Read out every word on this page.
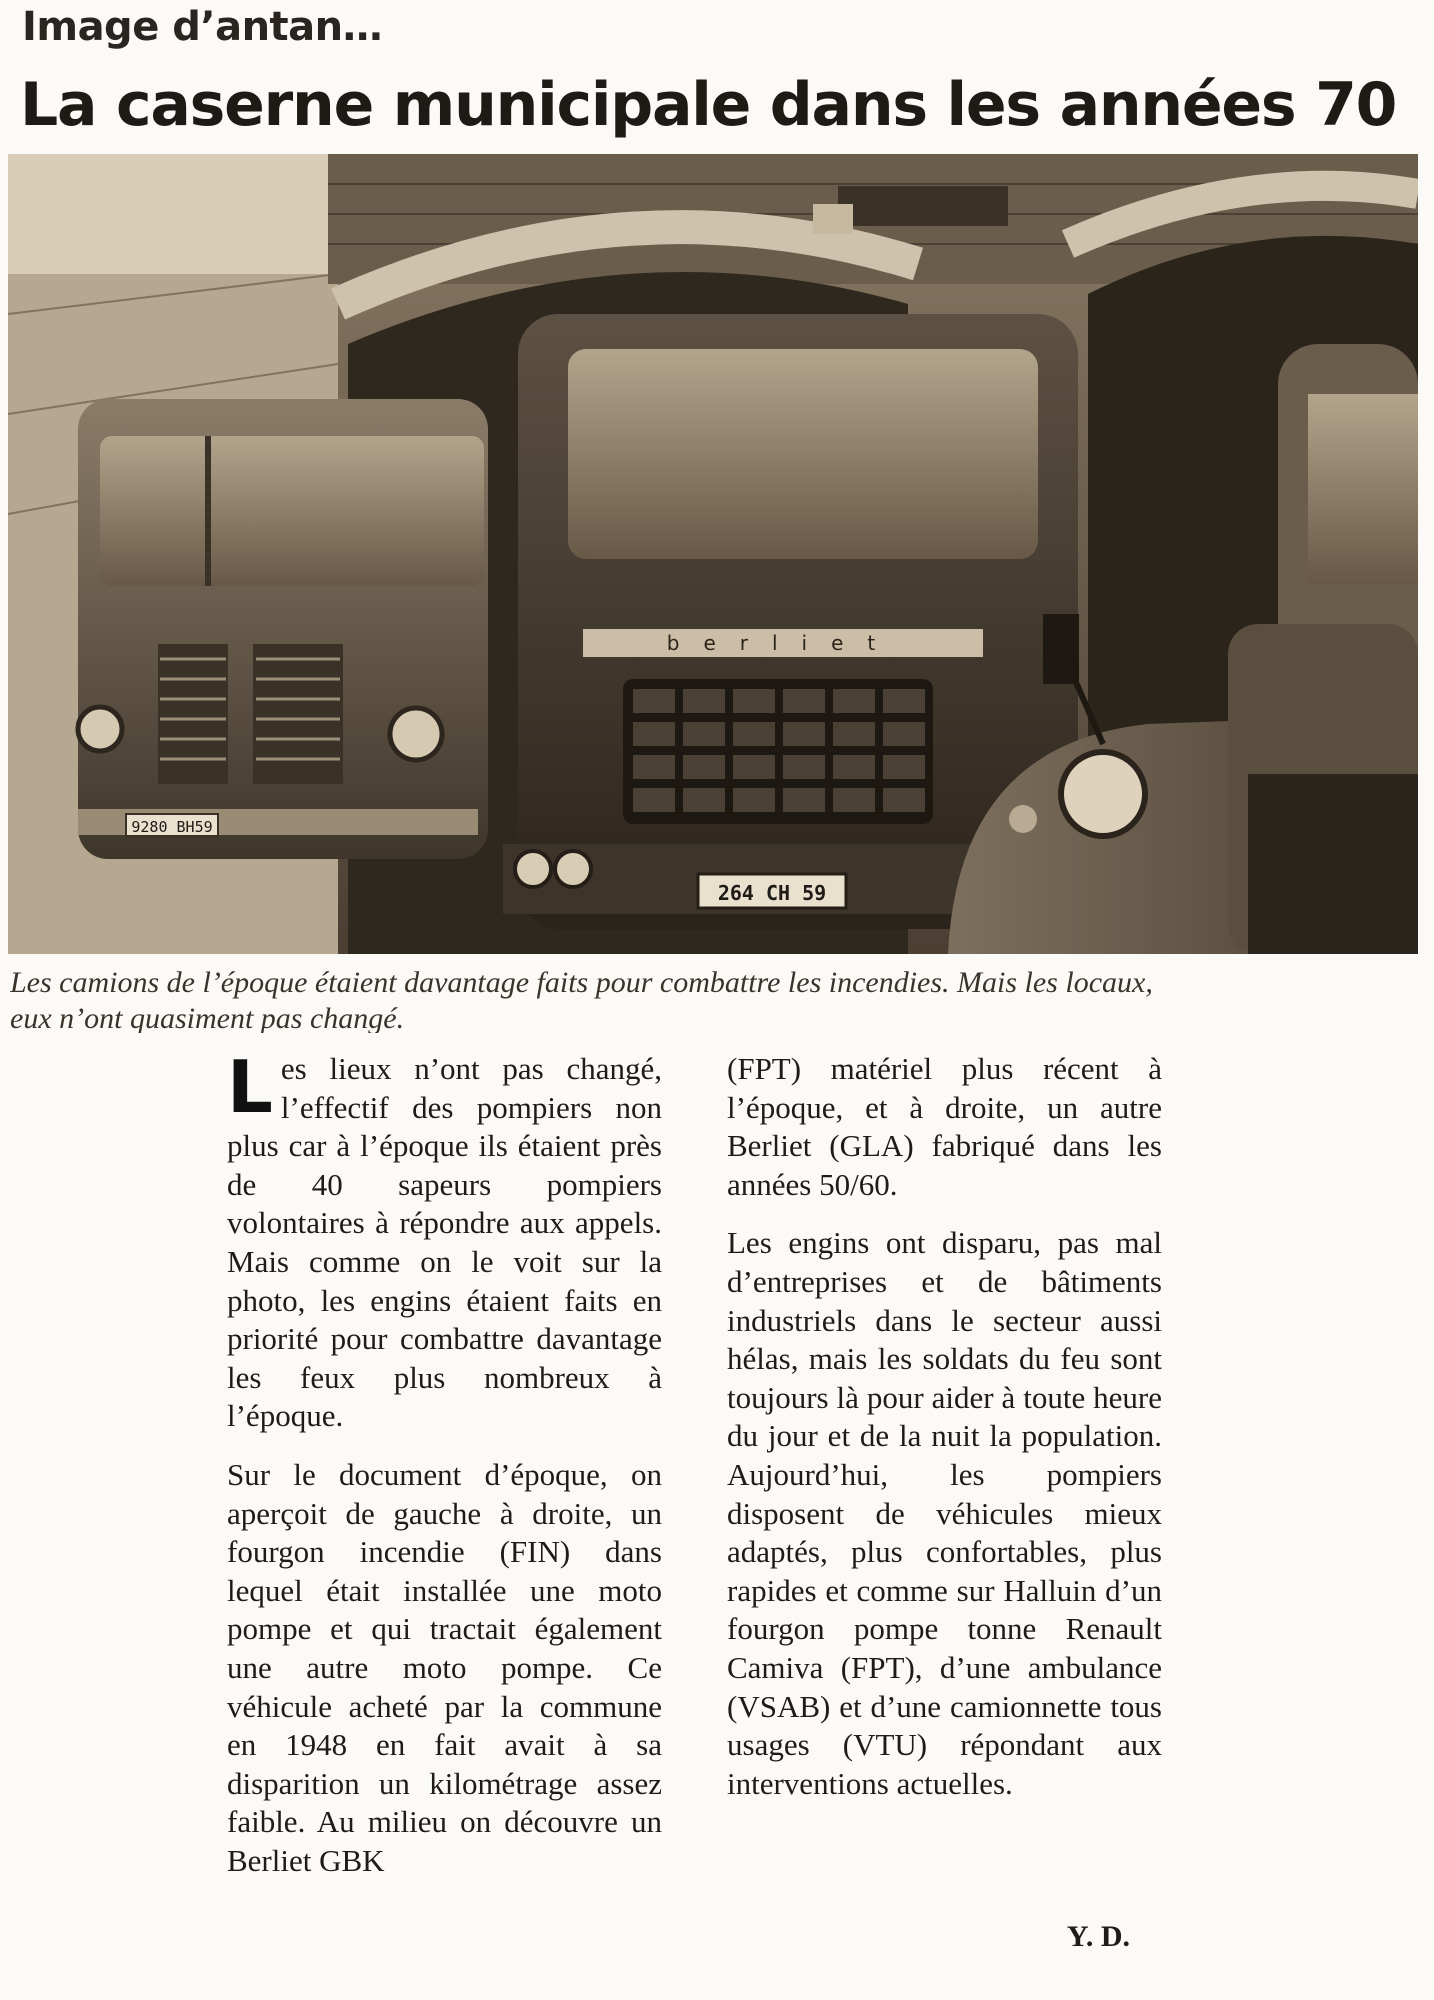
Image d’antan…
La caserne municipale dans les années 70
9280 BH59
berliet
264 CH 59
Les camions de l’époque étaient davantage faits pour combattre les incendies. Mais les locaux,
eux n’ont quasiment pas changé.

Les lieux n’ont pas changé, l’effectif des pompiers non plus car à l’époque ils étaient près de 40 sapeurs pompiers volontaires à répondre aux appels. Mais comme on le voit sur la photo, les engins étaient faits en priorité pour combattre davantage les feux plus nombreux à l’époque.

Sur le document d’époque, on aperçoit de gauche à droite, un fourgon incendie (FIN) dans lequel était installée une moto pompe et qui tractait également une autre moto pompe. Ce véhicule acheté par la commune en 1948 en fait avait à sa disparition un kilométrage assez faible. Au milieu on découvre un Berliet GBK

(FPT) matériel plus récent à l’époque, et à droite, un autre Berliet (GLA) fabriqué dans les années 50/60.

Les engins ont disparu, pas mal d’entreprises et de bâtiments industriels dans le secteur aussi hélas, mais les soldats du feu sont toujours là pour aider à toute heure du jour et de la nuit la population. Aujourd’hui, les pompiers disposent de véhicules mieux adaptés, plus confortables, plus rapides et comme sur Halluin d’un fourgon pompe tonne Renault Camiva (FPT), d’une ambulance (VSAB) et d’une camionnette tous usages (VTU) répondant aux interventions actuelles.

Y. D.
